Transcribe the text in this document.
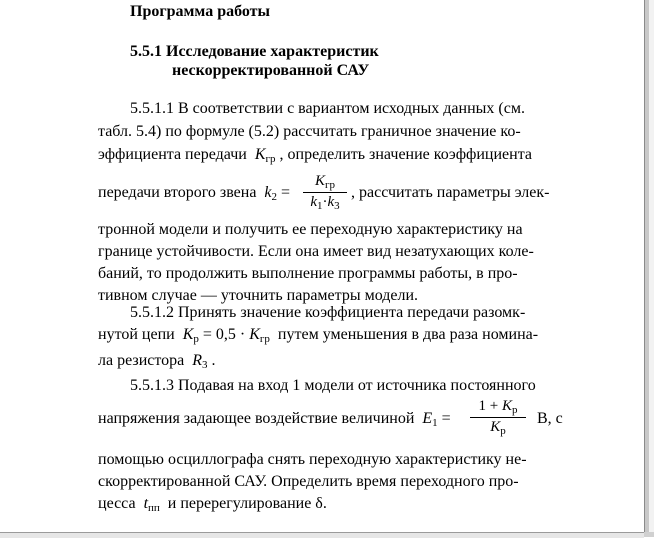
Программа работы
5.5.1 Исследование характеристик
нескорректированной САУ
5.5.1.1 В соответствии с вариантом исходных данных (см.
табл. 5.4) по формуле (5.2) рассчитать граничное значение ко-
эффициента передачи $K_{гр}$ , определить значение коэффициента
передачи второго звена $k_2$ =
$K_{гр}$
$k_1\cdot k_3$
, рассчитать параметры элек-
тронной модели и получить ее переходную характеристику на
границе устойчивости. Если она имеет вид незатухающих коле-
баний, то продолжить выполнение программы работы, в про-
тивном случае — уточнить параметры модели.
5.5.1.2 Принять значение коэффициента передачи разомк-
нутой цепи $K_р = 0,5 \cdot K_{гр}$ путем уменьшения в два раза номина-
ла резистора $R_3$ .
5.5.1.3 Подавая на вход 1 модели от источника постоянного
напряжения задающее воздействие величиной $E_1$ =
$1 + K_p$
$K_p$
В, с
помощью осциллографа снять переходную характеристику не-
скорректированной САУ. Определить время переходного про-
цесса $t_{пп}$ и перерегулирование δ.
